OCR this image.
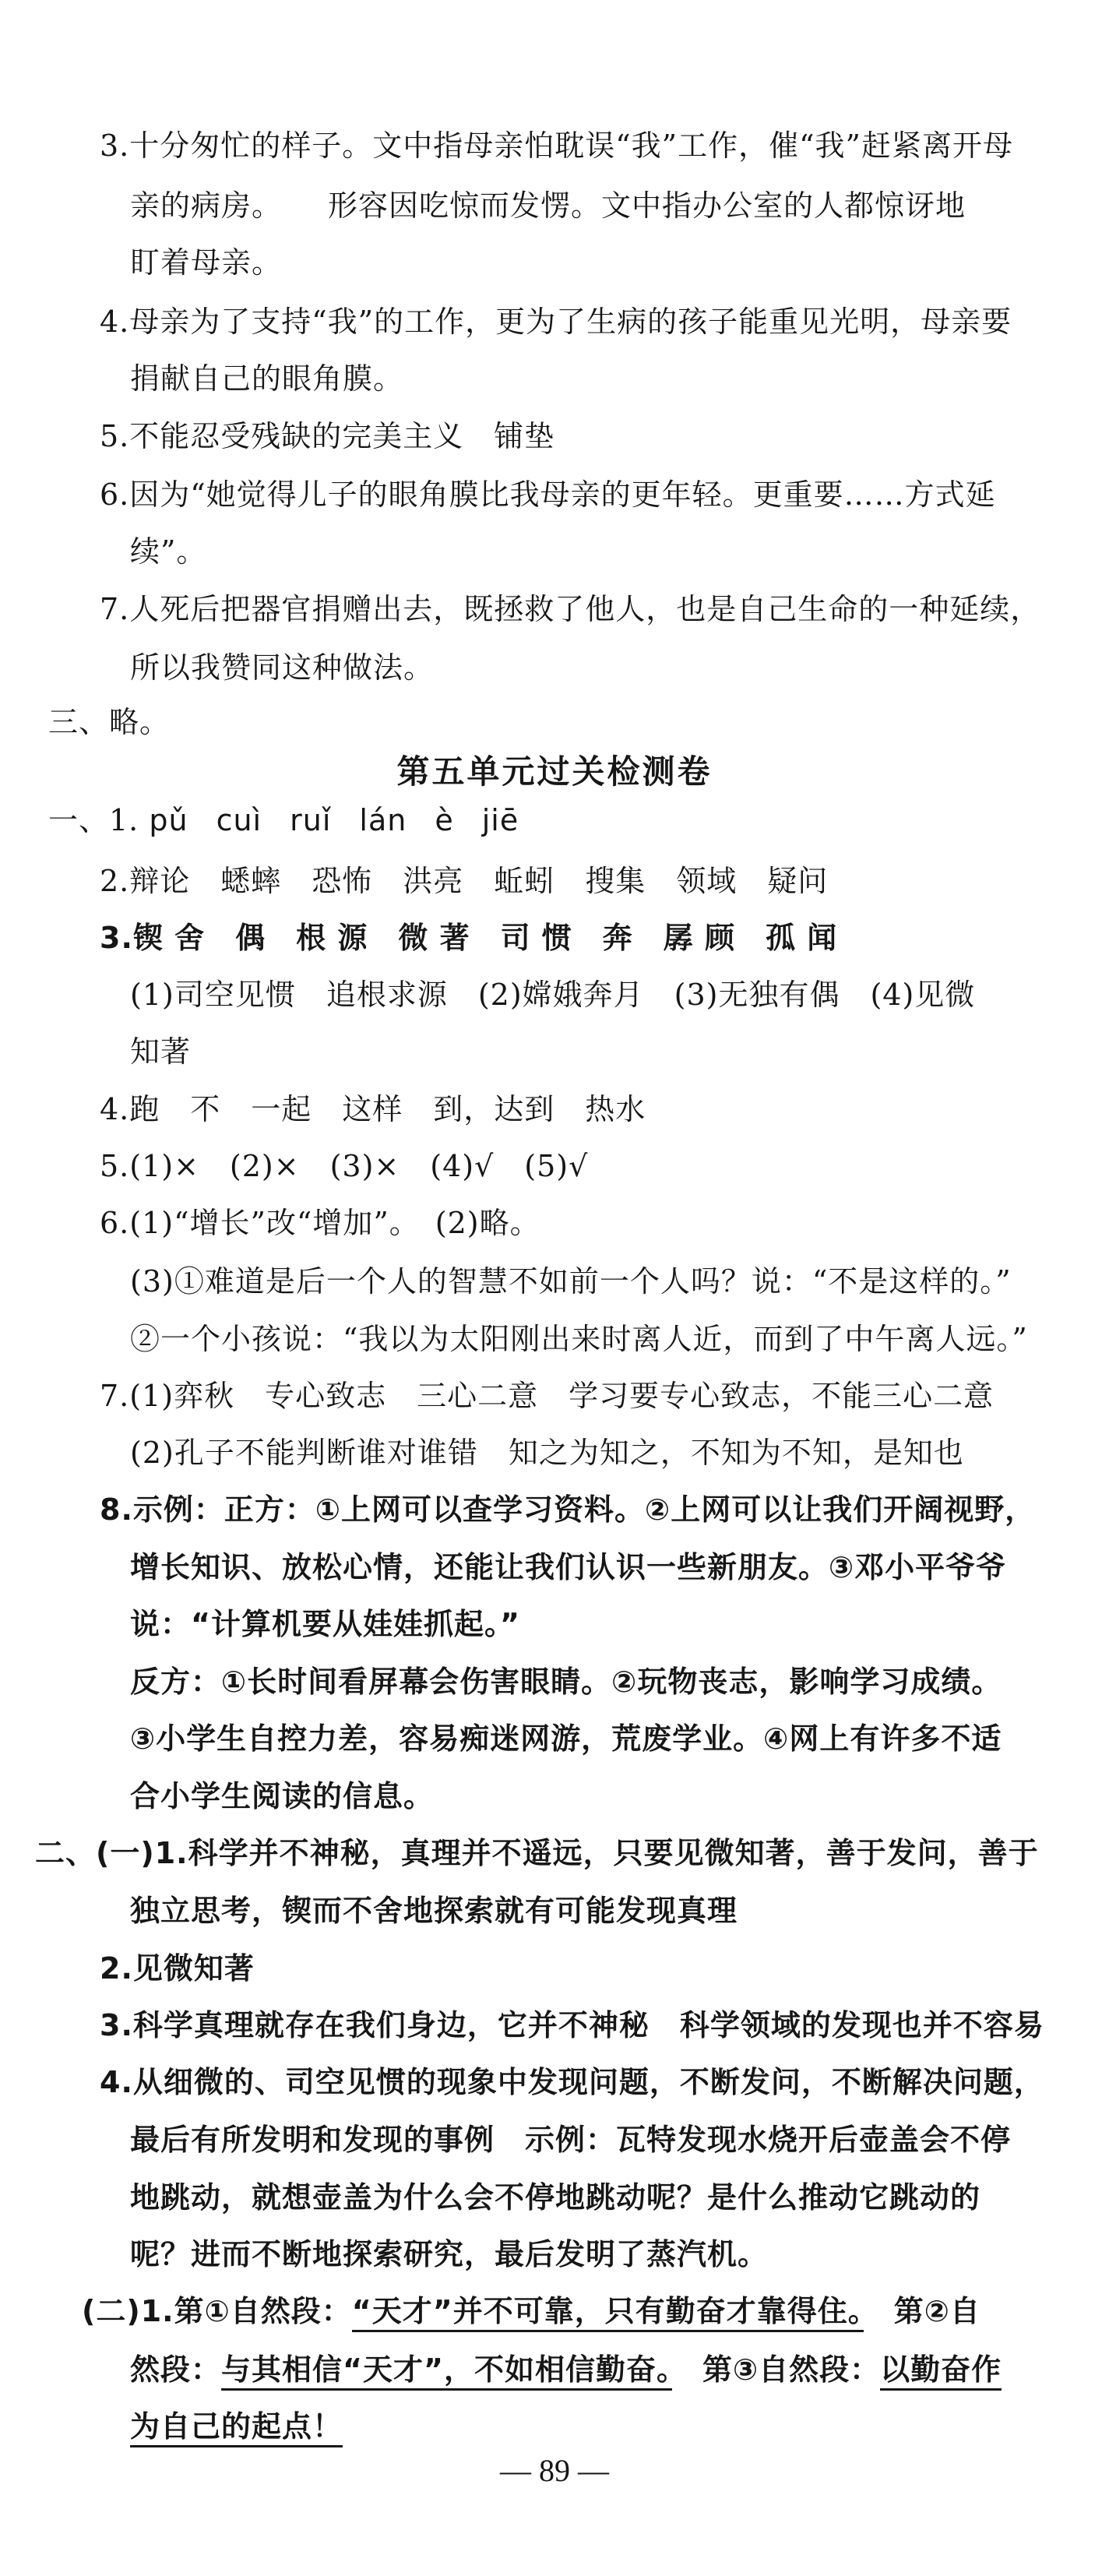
3.十分匆忙的样子。文中指母亲怕耽误“我”工作，催“我”赶紧离开母
亲的病房。　　形容因吃惊而发愣。文中指办公室的人都惊讶地
盯着母亲。
4.母亲为了支持“我”的工作，更为了生病的孩子能重见光明，母亲要
捐献自己的眼角膜。
5.不能忍受残缺的完美主义　铺垫
6.因为“她觉得儿子的眼角膜比我母亲的更年轻。更重要……方式延
续”。
7.人死后把器官捐赠出去，既拯救了他人，也是自己生命的一种延续，
所以我赞同这种做法。
三、略。
第五单元过关检测卷
一、1. pǔ cuì ruǐ lán è jiē
2.辩论　蟋蟀　恐怖　洪亮　蚯蚓　搜集　领域　疑问
3.锲 舍　偶　根 源　微 著　司 惯　奔　孱 顾　孤 闻
(1)司空见惯　追根求源　(2)嫦娥奔月　(3)无独有偶　(4)见微
知著
4.跑　不　一起　这样　到，达到　热水
5.(1)×　(2)×　(3)×　(4)√　(5)√
6.(1)“增长”改“增加”。　(2)略。
(3)①难道是后一个人的智慧不如前一个人吗？说：“不是这样的。”
②一个小孩说：“我以为太阳刚出来时离人近，而到了中午离人远。”
7.(1)弈秋　专心致志　三心二意　学习要专心致志，不能三心二意
(2)孔子不能判断谁对谁错　知之为知之，不知为不知，是知也
8.示例：正方：①上网可以查学习资料。②上网可以让我们开阔视野，
增长知识、放松心情，还能让我们认识一些新朋友。③邓小平爷爷
说：“计算机要从娃娃抓起。”
反方：①长时间看屏幕会伤害眼睛。②玩物丧志，影响学习成绩。
③小学生自控力差，容易痴迷网游，荒废学业。④网上有许多不适
合小学生阅读的信息。
二、(一)1.科学并不神秘，真理并不遥远，只要见微知著，善于发问，善于
独立思考，锲而不舍地探索就有可能发现真理
2.见微知著
3.科学真理就存在我们身边，它并不神秘　科学领域的发现也并不容易
4.从细微的、司空见惯的现象中发现问题，不断发问，不断解决问题，
最后有所发明和发现的事例　示例：瓦特发现水烧开后壶盖会不停
地跳动，就想壶盖为什么会不停地跳动呢？是什么推动它跳动的
呢？进而不断地探索研究，最后发明了蒸汽机。
(二)1.第①自然段：“天才”并不可靠，只有勤奋才靠得住。　第②自
然段：与其相信“天才”，不如相信勤奋。　第③自然段：以勤奋作
为自己的起点！
— 89 —
